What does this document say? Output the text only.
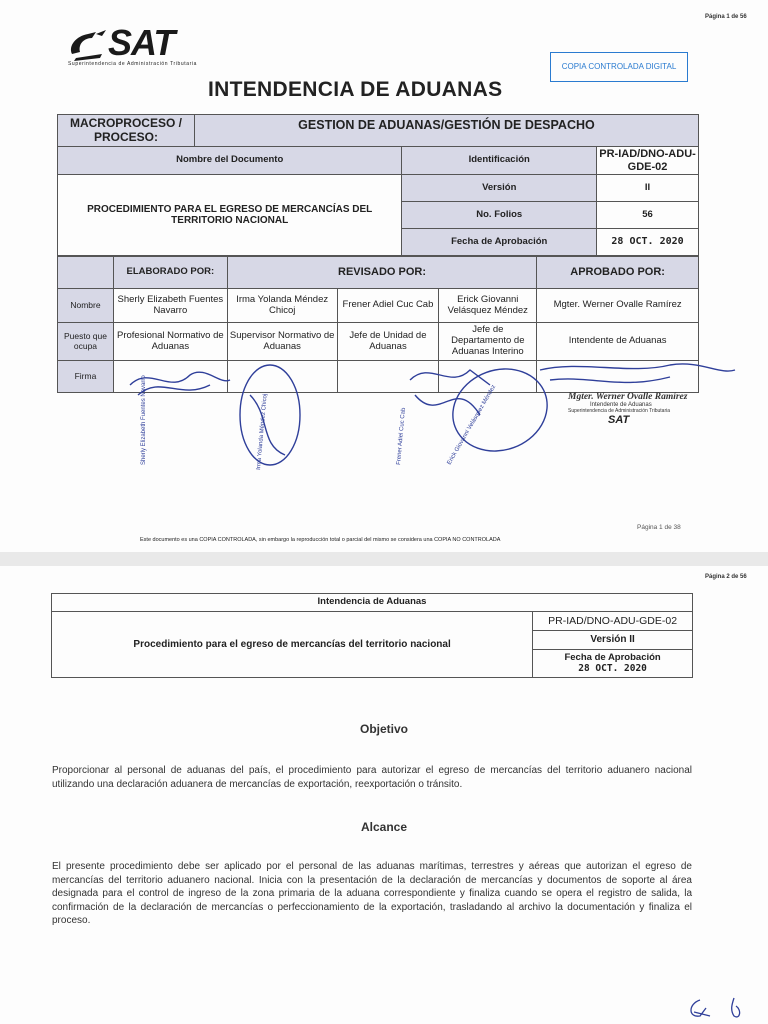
Página 1 de 56
SAT
Superintendencia de Administración Tributaria	COPIA CONTROLADA DIGITAL
INTENDENCIA DE ADUANAS
MACROPROCESO / PROCESO:	GESTION DE ADUANAS/GESTIÓN DE DESPACHO		
Nombre del Documento		Identificación	PR-IAD/DNO-ADU-GDE-02
PROCEDIMIENTO PARA EL EGRESO DE MERCANCÍAS DEL TERRITORIO NACIONAL		Versión	II
		No. Folios	56
		Fecha de Aprobación	28 OCT. 2020
	ELABORADO POR:	REVISADO POR:			APROBADO POR:
Nombre	Sherly Elizabeth Fuentes Navarro	Irma Yolanda Méndez Chicoj	Frener Adiel Cuc Cab	Erick Giovanni Velásquez Méndez	Mgter. Werner Ovalle Ramírez
Puesto que ocupa	Profesional Normativo de Aduanas	Supervisor Normativo de Aduanas	Jefe de Unidad de Aduanas	Jefe de Departamento de Aduanas Interino	Intendente de Aduanas
Firma						Sherly Elizabeth Fuentes Navarro	Irma Yolanda Méndez Chicoj	Frener Adiel Cuc Cab	Erick Giovanni Velásquez Méndez	Mgter. Werner Ovalle Ramírez
Intendente de Aduanas
Superintendencia de Administración Tributaria
SAT
Página 1 de 38
Este documento es una COPIA CONTROLADA, sin embargo la reproducción total o parcial del mismo se considera una COPIA NO CONTROLADA
Página 2 de 56
Intendencia de Aduanas
Procedimiento para el egreso de mercancías del territorio nacional	PR-IAD/DNO-ADU-GDE-02
Versión II

Fecha de Aprobación
28 OCT. 2020
Objetivo
Proporcionar al personal de aduanas del país, el procedimiento para autorizar el egreso de mercancías del territorio aduanero nacional utilizando una declaración aduanera de mercancías de exportación, reexportación o tránsito.
Alcance
El presente procedimiento debe ser aplicado por el personal de las aduanas marítimas, terrestres y aéreas que autorizan el egreso de mercancías del territorio aduanero nacional. Inicia con la presentación de la declaración de mercancías y documentos de soporte al área designada para el control de ingreso de la zona primaria de la aduana correspondiente y finaliza cuando se opera el registro de salida, la confirmación de la declaración de mercancías o perfeccionamiento de la exportación, trasladando al archivo la documentación y finaliza el proceso.
